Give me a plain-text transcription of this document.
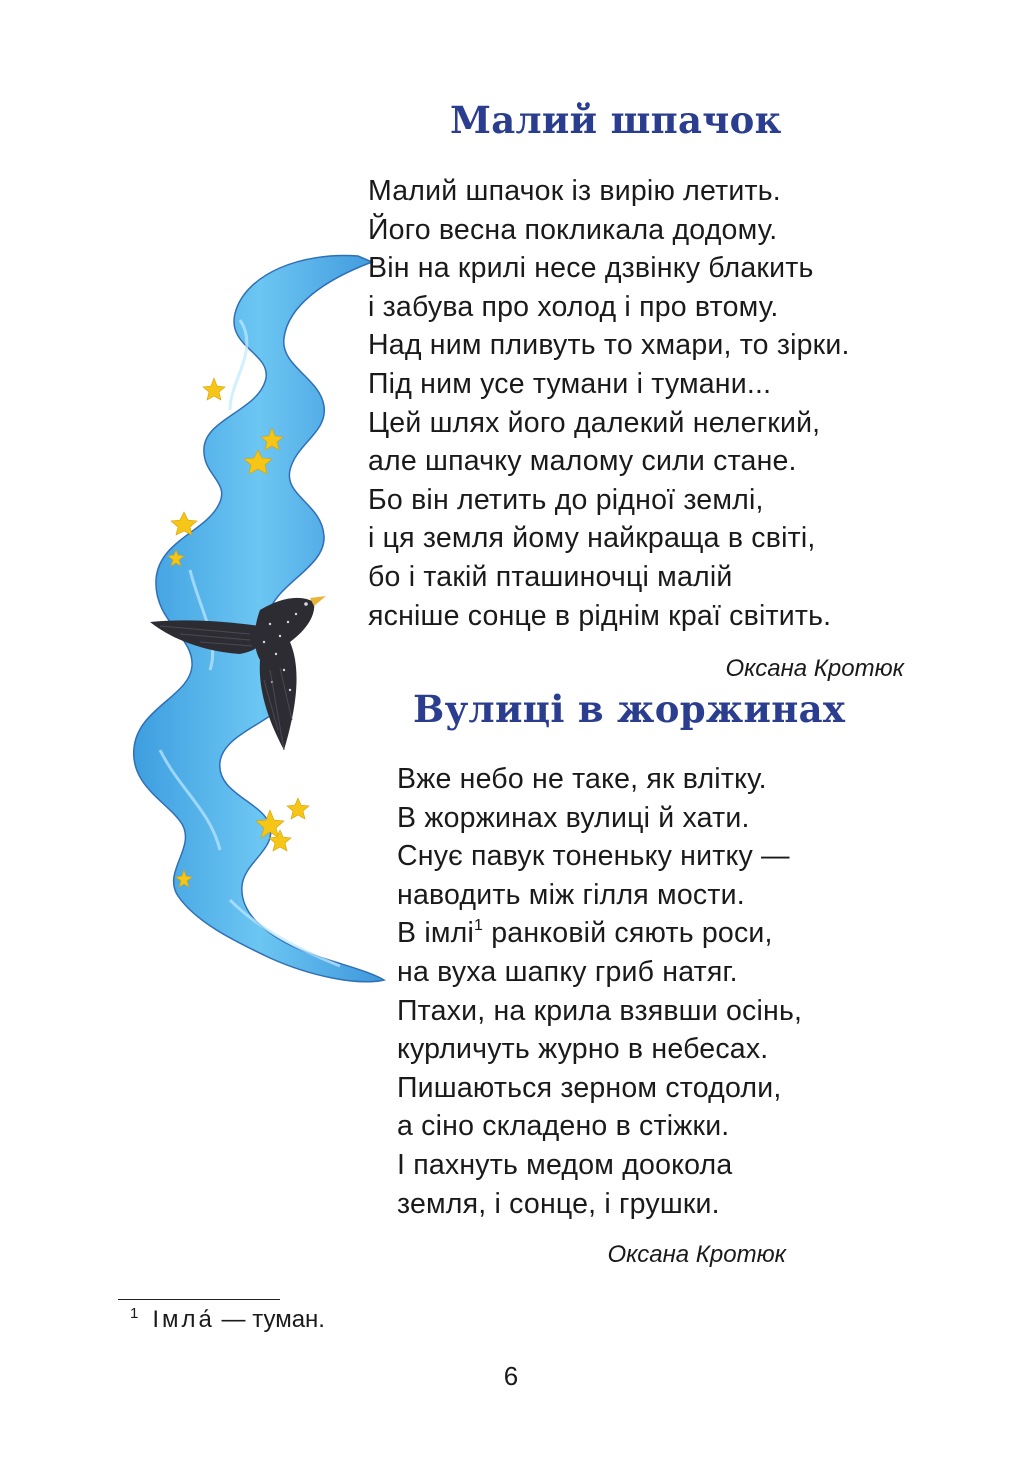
Малий шпачок
Малий шпачок із вирію летить.
Його весна покликала додому.
Він на крилі несе дзвінку блакить
і забува про холод і про втому.
Над ним пливуть то хмари, то зірки.
Під ним усе тумани і тумани...
Цей шлях його далекий нелегкий,
але шпачку малому сили стане.
Бо він летить до рідної землі,
і ця земля йому найкраща в світі,
бо і такій пташиночці малій
ясніше сонце в ріднім краї світить.

Оксана Кротюк

Вулиці в жоржинах
Вже небо не таке, як влітку.
В жоржинах вулиці й хати.
Снує павук тоненьку нитку —
наводить між гілля мости.
В імлі$^1$ ранковій сяють роси,
на вуха шапку гриб натяг.
Птахи, на крила взявши осінь,
курличуть журно в небесах.
Пишаються зерном стодоли,
а сіно складено в стіжки.
І пахнуть медом доокола
земля, і сонце, і грушки.

Оксана Кротюк

$^1$ Імла́ — туман.
6
